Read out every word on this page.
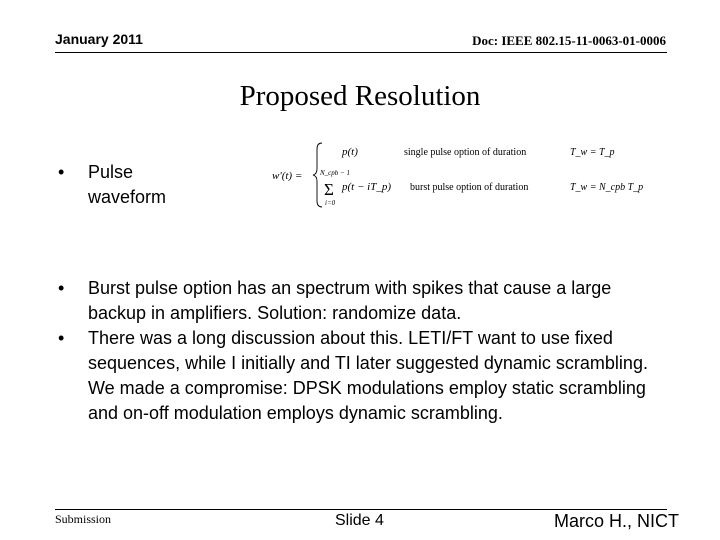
January 2011	Doc: IEEE 802.15-11-0063-01-0006
Proposed Resolution
• Pulse waveform
w'(t) =
p(t)	single pulse option of duration	T_w = T_p
N_cpb − 1
Σ
i=0
p(t − iT_p) burst pulse option of duration	T_w = N_cpb T_p
• Burst pulse option has an spectrum with spikes that cause a large backup in amplifiers. Solution: randomize data.
• There was a long discussion about this. LETI/FT want to use fixed sequences, while I initially and TI later suggested dynamic scrambling. We made a compromise: DPSK modulations employ static scrambling and on-off modulation employs dynamic scrambling.
Submission	Slide 4	Marco H., NICT
